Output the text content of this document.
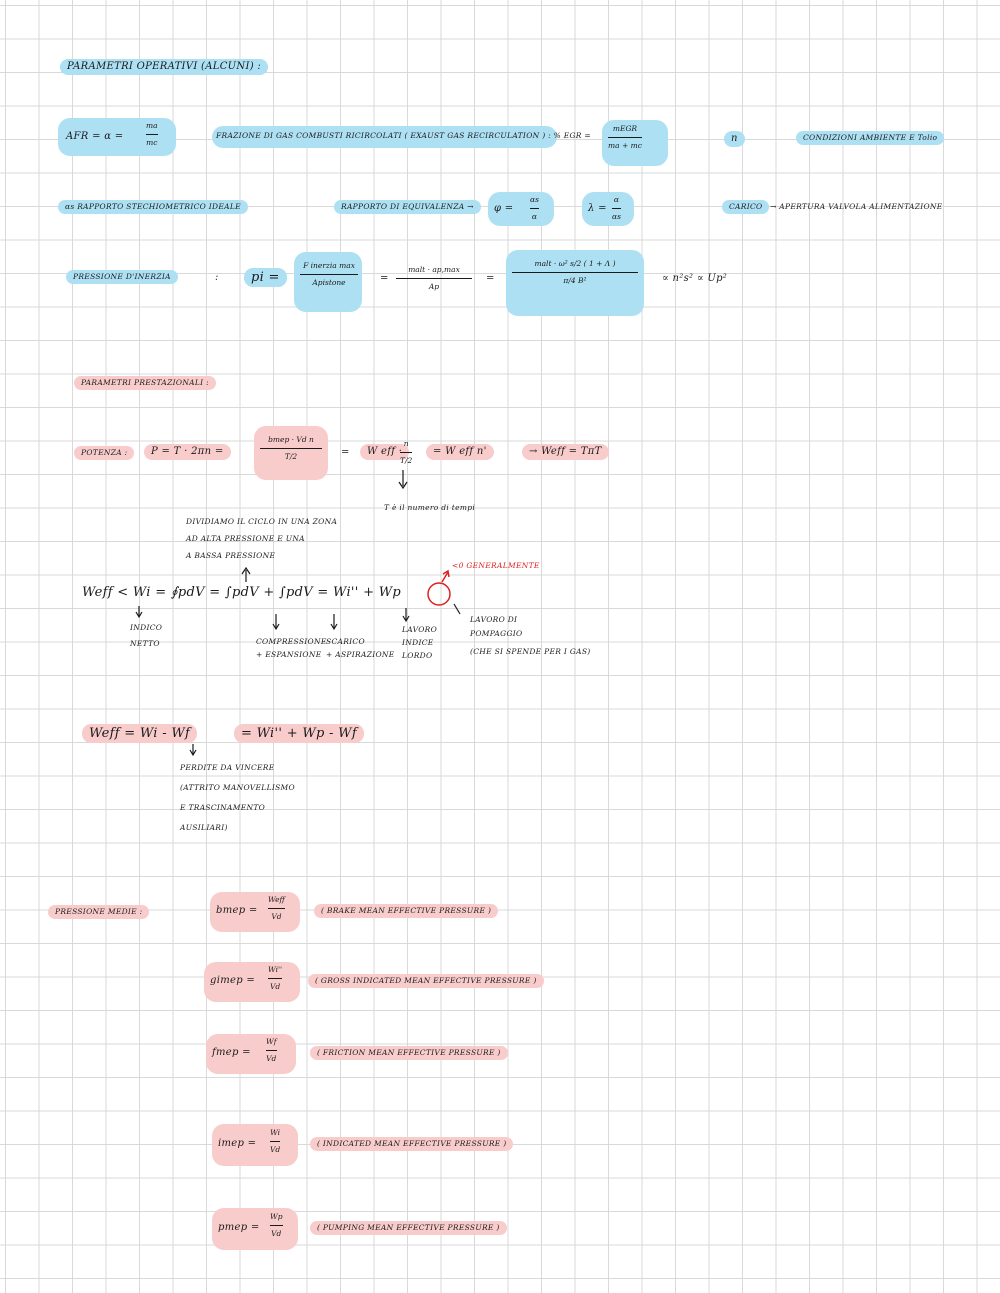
PARAMETRI OPERATIVI (ALCUNI) :
AFR = α =
ma
mc
FRAZIONE DI GAS COMBUSTI RICIRCOLATI ( EXAUST GAS RECIRCULATION ) : % EGR =
mEGR
ma + mc
n	CONDIZIONI AMBIENTE E Tolio
αs RAPPORTO STECHIOMETRICO IDEALE	RAPPORTO DI EQUIVALENZA →	φ =
αs
α
λ =
α
αs
CARICO	→ APERTURA VALVOLA ALIMENTAZIONE
PRESSIONE D'INERZIA	:	pi =
F inerzia max
Apistone	=
malt · ap,max
Ap
=
malt · ω² s/2 ( 1 + Λ )
π/4 B²	∝ n²s² ∝ Up²
PARAMETRI PRESTAZIONALI :
POTENZA :	P = T · 2πn =
bmep · Vd n
T/2	=	W eff ·
n
T/2
= W eff n'	→ Weff = TπT
T è il numero di tempi
DIVIDIAMO IL CICLO IN UNA ZONA
AD ALTA PRESSIONE E UNA
A BASSA PRESSIONE
Weff < Wi = ∮pdV = ∫pdV + ∫pdV = Wi'' + Wp
<0 GENERALMENTE
INDICO
NETTO	COMPRESSIONE
+ ESPANSIONE
SCARICO
+ ASPIRAZIONE
LAVORO
INDICE
LORDO
LAVORO DI
POMPAGGIO
(CHE SI SPENDE PER I GAS)
Weff = Wi - Wf	= Wi'' + Wp - Wf
PERDITE DA VINCERE
(ATTRITO MANOVELLISMO
E TRASCINAMENTO
AUSILIARI)
PRESSIONE MEDIE :	bmep =
Weff
Vd
( BRAKE MEAN EFFECTIVE PRESSURE )
gimep =
Wi''
Vd
( GROSS INDICATED MEAN EFFECTIVE PRESSURE )
fmep =
Wf
Vd
( FRICTION MEAN EFFECTIVE PRESSURE )
imep =
Wi
Vd
( INDICATED MEAN EFFECTIVE PRESSURE )
pmep =
Wp
Vd
( PUMPING MEAN EFFECTIVE PRESSURE )
